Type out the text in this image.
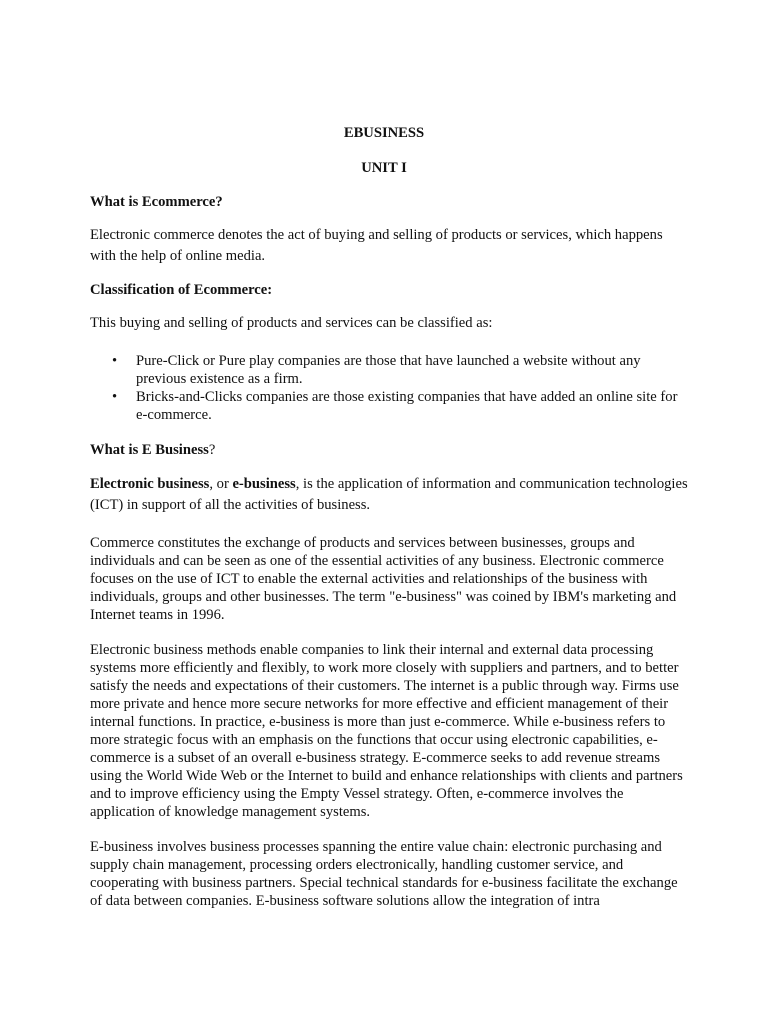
EBUSINESS

UNIT I

What is Ecommerce?

Electronic commerce denotes the act of buying and selling of products or services, which happens with the help of online media.

Classification of Ecommerce:

This buying and selling of products and services can be classified as:

• Pure-Click or Pure play companies are those that have launched a website without any previous existence as a firm.
• Bricks-and-Clicks companies are those existing companies that have added an online site for e-commerce.

What is E Business?

Electronic business, or e-business, is the application of information and communication technologies (ICT) in support of all the activities of business.

Commerce constitutes the exchange of products and services between businesses, groups and individuals and can be seen as one of the essential activities of any business. Electronic commerce focuses on the use of ICT to enable the external activities and relationships of the business with individuals, groups and other businesses. The term "e-business" was coined by IBM's marketing and Internet teams in 1996.

Electronic business methods enable companies to link their internal and external data processing systems more efficiently and flexibly, to work more closely with suppliers and partners, and to better satisfy the needs and expectations of their customers. The internet is a public through way. Firms use more private and hence more secure networks for more effective and efficient management of their internal functions. In practice, e-business is more than just e-commerce. While e-business refers to more strategic focus with an emphasis on the functions that occur using electronic capabilities, e-commerce is a subset of an overall e-business strategy. E-commerce seeks to add revenue streams using the World Wide Web or the Internet to build and enhance relationships with clients and partners and to improve efficiency using the Empty Vessel strategy. Often, e-commerce involves the application of knowledge management systems.

E-business involves business processes spanning the entire value chain: electronic purchasing and supply chain management, processing orders electronically, handling customer service, and cooperating with business partners. Special technical standards for e-business facilitate the exchange of data between companies. E-business software solutions allow the integration of intra
